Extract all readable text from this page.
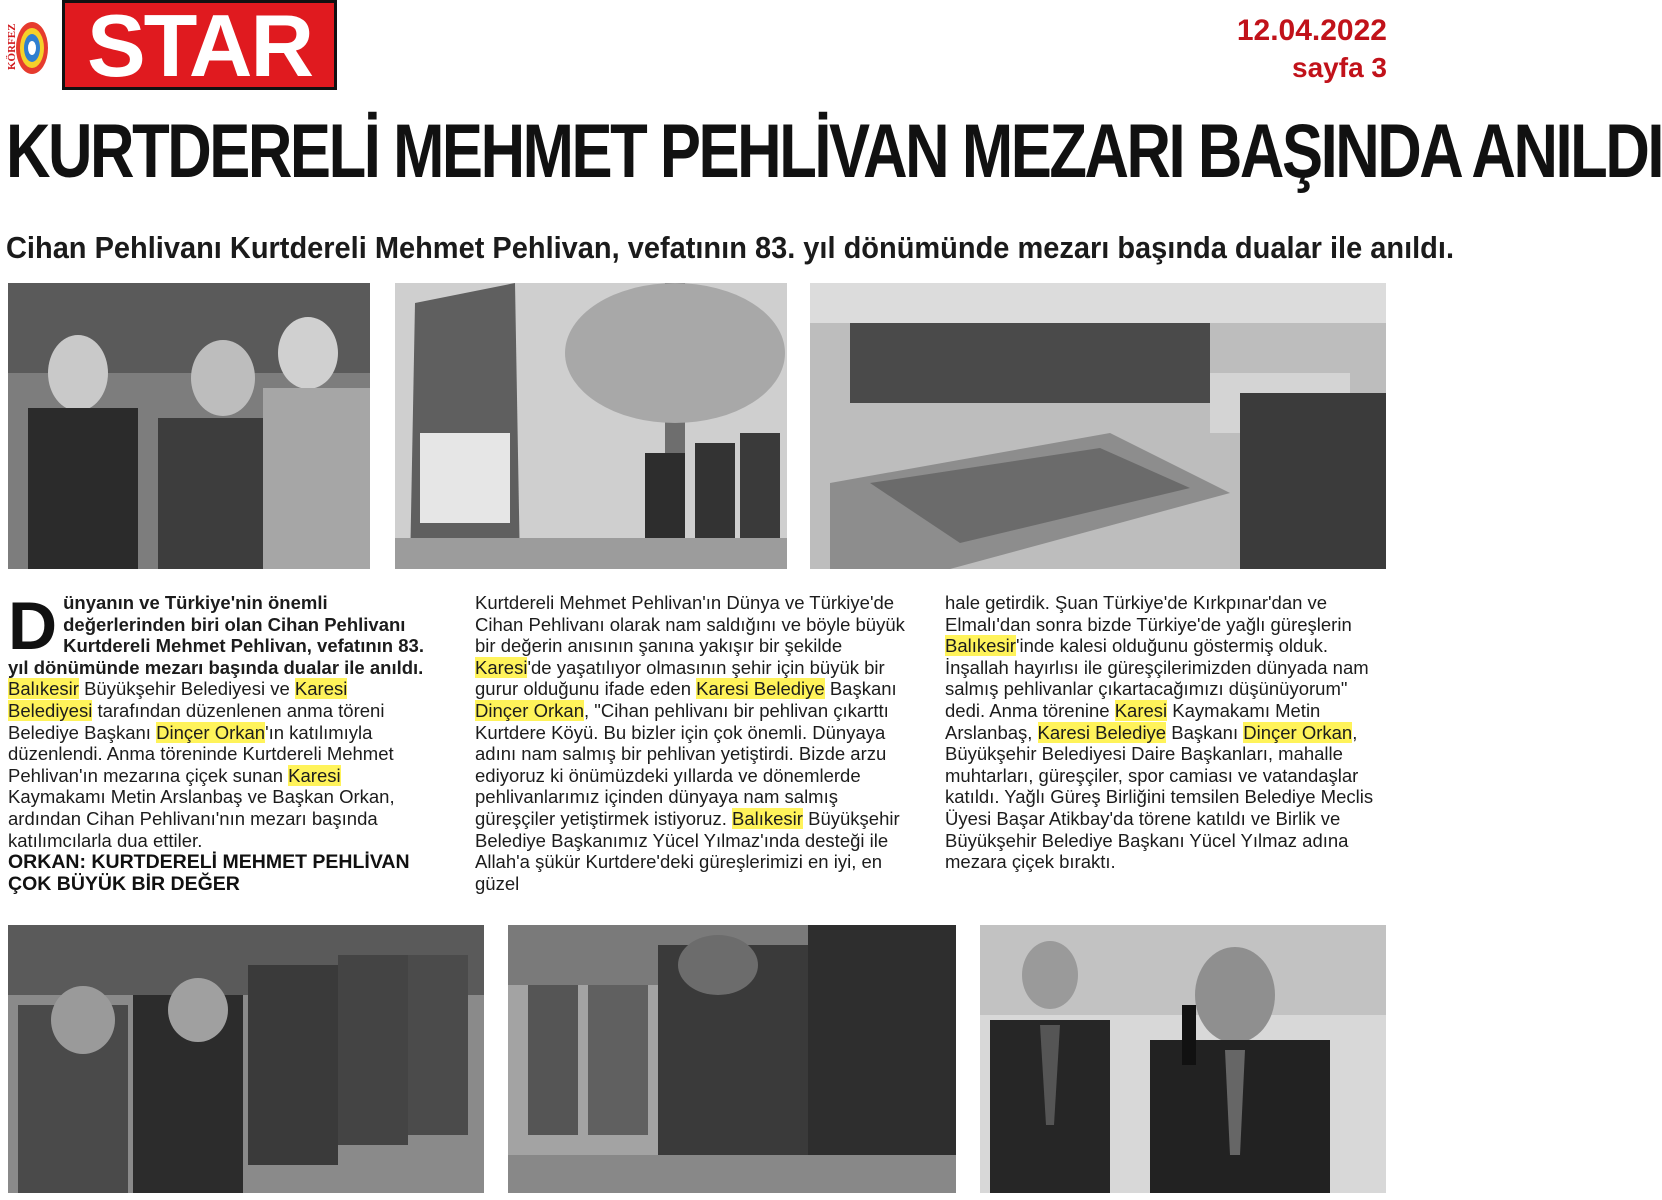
KÖRFEZ STAR	12.04.2022
sayfa 3
KURTDERELİ MEHMET PEHLİVAN MEZARI BAŞINDA ANILDI
Cihan Pehlivanı Kurtdereli Mehmet Pehlivan, vefatının 83. yıl dönümünde mezarı başında dualar ile anıldı.

Dünyanın ve Türkiye'nin önemli değerlerinden biri olan Cihan Pehlivanı Kurtdereli Mehmet Pehlivan, vefatının 83. yıl dönümünde mezarı başında dualar ile anıldı. Balıkesir Büyükşehir Belediyesi ve Karesi Belediyesi tarafından düzenlenen anma töreni Belediye Başkanı Dinçer Orkan'ın katılımıyla düzenlendi. Anma töreninde Kurtdereli Mehmet Pehlivan'ın mezarına çiçek sunan Karesi Kaymakamı Metin Arslanbaş ve Başkan Orkan, ardından Cihan Pehlivanı'nın mezarı başında katılımcılarla dua ettiler.

ORKAN: KURTDERELİ MEHMET PEHLİVAN ÇOK BÜYÜK BİR DEĞER

Kurtdereli Mehmet Pehlivan'ın Dünya ve Türkiye'de Cihan Pehlivanı olarak nam saldığını ve böyle büyük bir değerin anısının şanına yakışır bir şekilde Karesi'de yaşatılıyor olmasının şehir için büyük bir gurur olduğunu ifade eden Karesi Belediye Başkanı Dinçer Orkan, "Cihan pehlivanı bir pehlivan çıkarttı Kurtdere Köyü. Bu bizler için çok önemli. Dünyaya adını nam salmış bir pehlivan yetiştirdi. Bizde arzu ediyoruz ki önümüzdeki yıllarda ve dönemlerde pehlivanlarımız içinden dünyaya nam salmış güreşçiler yetiştirmek istiyoruz. Balıkesir Büyükşehir Belediye Başkanımız Yücel Yılmaz'ında desteği ile Allah'a şükür Kurtdere'deki güreşlerimizi en iyi, en güzel

hale getirdik. Şuan Türkiye'de Kırkpınar'dan ve Elmalı'dan sonra bizde Türkiye'de yağlı güreşlerin Balıkesir'inde kalesi olduğunu göstermiş olduk. İnşallah hayırlısı ile güreşçilerimizden dünyada nam salmış pehlivanlar çıkartacağımızı düşünüyorum" dedi. Anma törenine Karesi Kaymakamı Metin Arslanbaş, Karesi Belediye Başkanı Dinçer Orkan, Büyükşehir Belediyesi Daire Başkanları, mahalle muhtarları, güreşçiler, spor camiası ve vatandaşlar katıldı. Yağlı Güreş Birliğini temsilen Belediye Meclis Üyesi Başar Atikbay'da törene katıldı ve Birlik ve Büyükşehir Belediye Başkanı Yücel Yılmaz adına mezara çiçek bıraktı.
